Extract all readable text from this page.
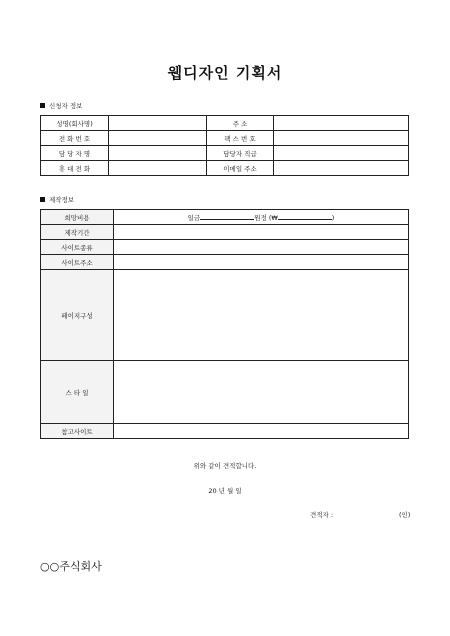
웹디자인 기획서
신청자 정보
성명(회사명)		주 소	
전 화 번 호		팩 스 번 호	
담 당 자 명		담당자 직급	
휴 대 전 화		이메일 주소	
제작정보
희망비용	일금 원정 (₩ )
제작기간	
사이트종류	
사이트주소	
페이지구성	
스 타 일	
참고사이트	
위와 같이 견적합니다.
20 년 월 일
견적자 :	(인)
○○주식회사
